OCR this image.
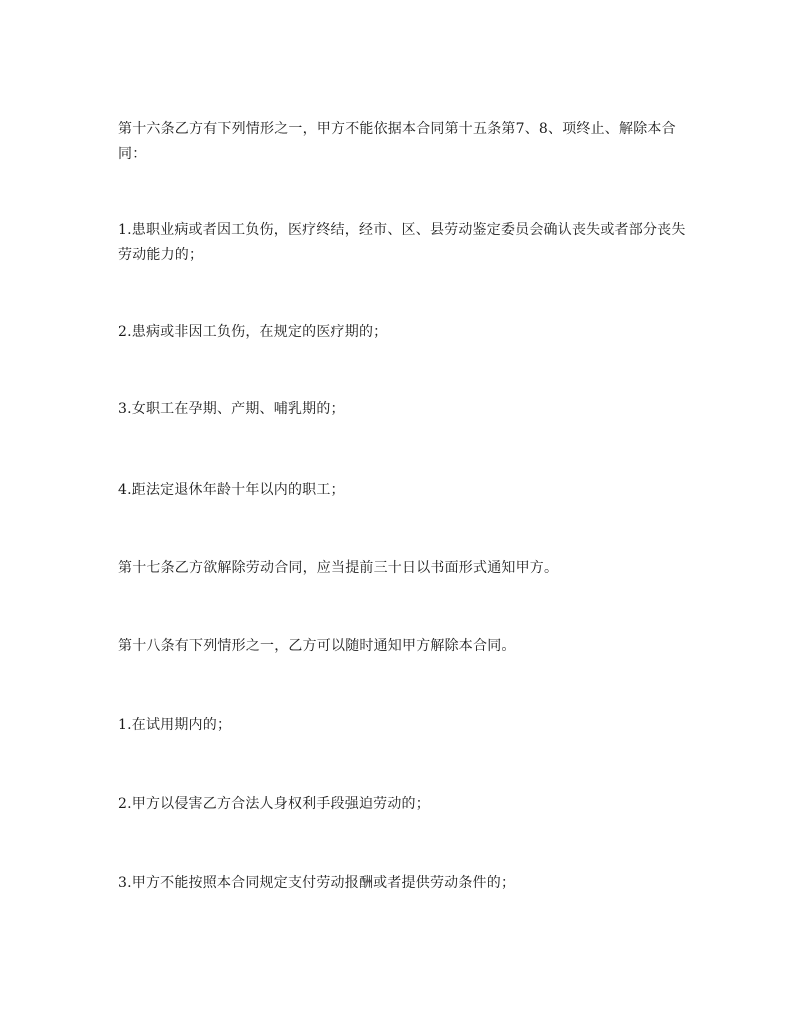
第十六条乙方有下列情形之一，甲方不能依据本合同第十五条第7、8、项终止、解除本合同：

1.患职业病或者因工负伤，医疗终结，经市、区、县劳动鉴定委员会确认丧失或者部分丧失劳动能力的；

2.患病或非因工负伤，在规定的医疗期的；

3.女职工在孕期、产期、哺乳期的；

4.距法定退休年龄十年以内的职工；

第十七条乙方欲解除劳动合同，应当提前三十日以书面形式通知甲方。

第十八条有下列情形之一，乙方可以随时通知甲方解除本合同。

1.在试用期内的；

2.甲方以侵害乙方合法人身权利手段强迫劳动的；

3.甲方不能按照本合同规定支付劳动报酬或者提供劳动条件的；
